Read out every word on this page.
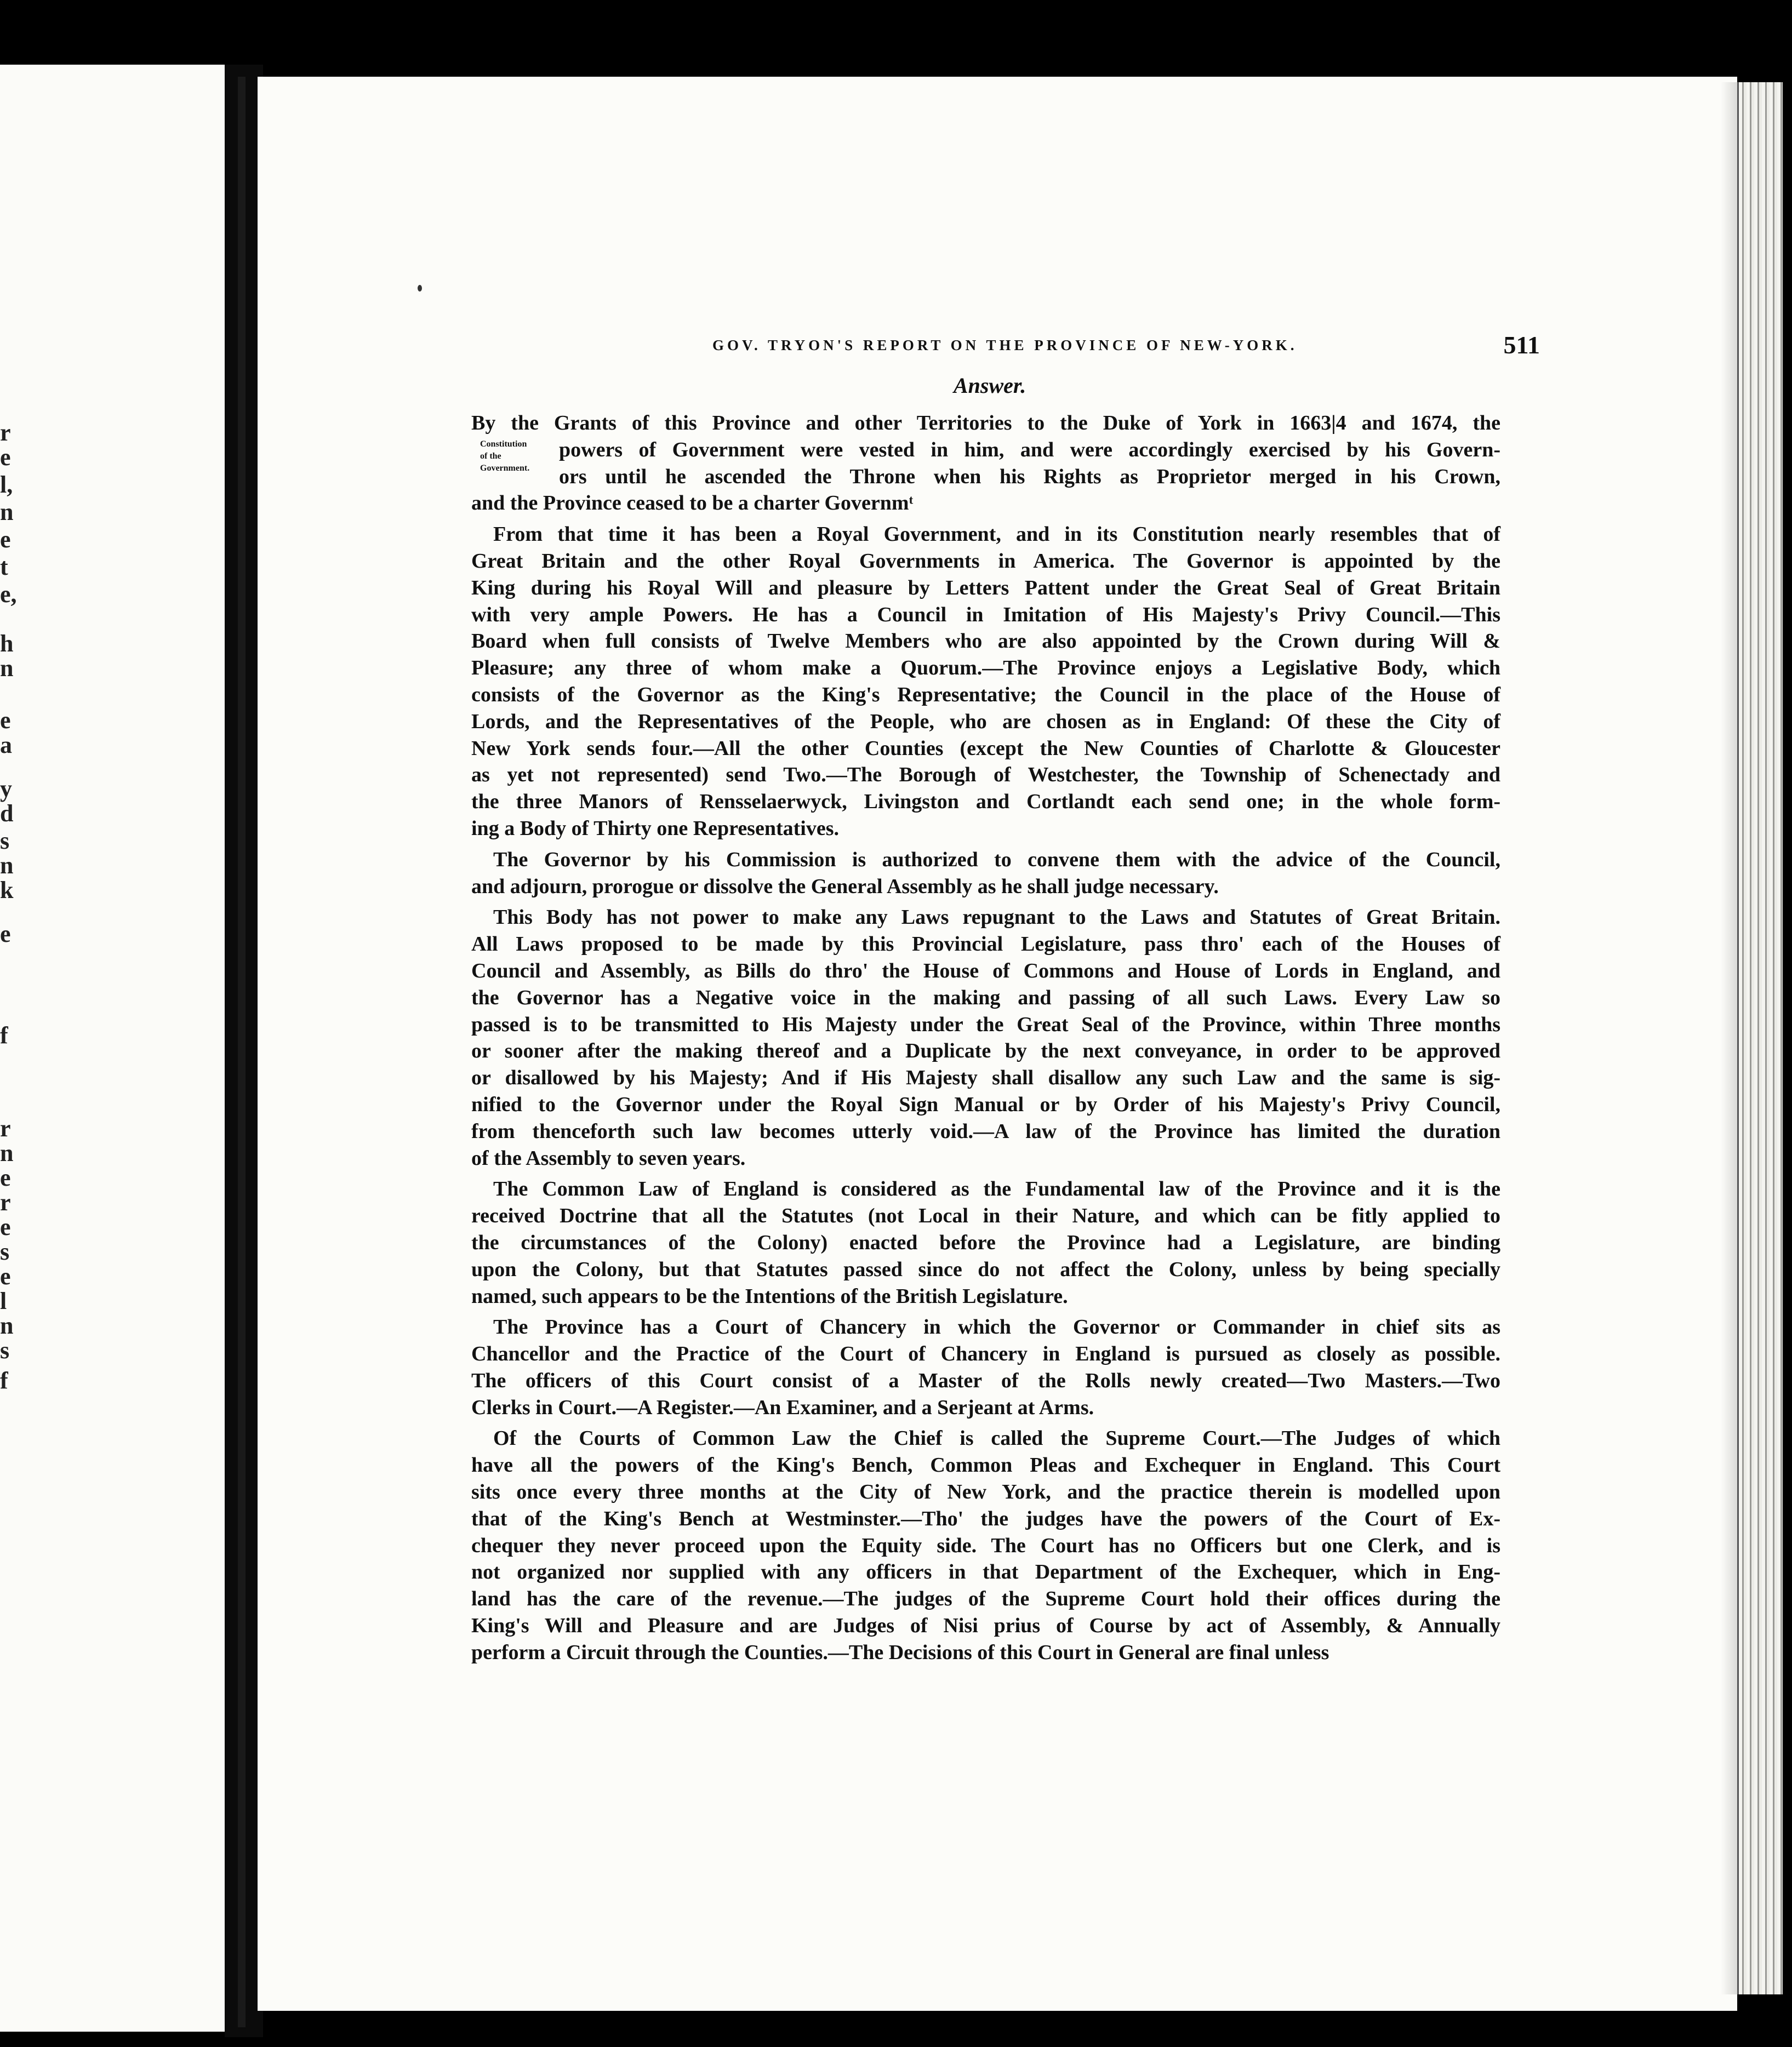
r
e
l,
n
e
t
e,
h
n
e
a
y
d
s
n
k
e
f
r
n
e
r
e
s
e
l
n
s
f
GOV. TRYON'S REPORT ON THE PROVINCE OF NEW-YORK.	511
Answer.
Constitution
of the
Government.

By the Grants of this Province and other Territories to the Duke of York in 1663|4 and 1674, the
powers of Government were vested in him, and were accordingly exercised by his Govern-
ors until he ascended the Throne when his Rights as Proprietor merged in his Crown,
and the Province ceased to be a charter Governmᵗ

From that time it has been a Royal Government, and in its Constitution nearly resembles that of
Great Britain and the other Royal Governments in America. The Governor is appointed by the
King during his Royal Will and pleasure by Letters Pattent under the Great Seal of Great Britain
with very ample Powers. He has a Council in Imitation of His Majesty's Privy Council.—This
Board when full consists of Twelve Members who are also appointed by the Crown during Will &
Pleasure; any three of whom make a Quorum.—The Province enjoys a Legislative Body, which
consists of the Governor as the King's Representative; the Council in the place of the House of
Lords, and the Representatives of the People, who are chosen as in England: Of these the City of
New York sends four.—All the other Counties (except the New Counties of Charlotte & Gloucester
as yet not represented) send Two.—The Borough of Westchester, the Township of Schenectady and
the three Manors of Rensselaerwyck, Livingston and Cortlandt each send one; in the whole form-
ing a Body of Thirty one Representatives.

The Governor by his Commission is authorized to convene them with the advice of the Council,
and adjourn, prorogue or dissolve the General Assembly as he shall judge necessary.

This Body has not power to make any Laws repugnant to the Laws and Statutes of Great Britain.
All Laws proposed to be made by this Provincial Legislature, pass thro' each of the Houses of
Council and Assembly, as Bills do thro' the House of Commons and House of Lords in England, and
the Governor has a Negative voice in the making and passing of all such Laws. Every Law so
passed is to be transmitted to His Majesty under the Great Seal of the Province, within Three months
or sooner after the making thereof and a Duplicate by the next conveyance, in order to be approved
or disallowed by his Majesty; And if His Majesty shall disallow any such Law and the same is sig-
nified to the Governor under the Royal Sign Manual or by Order of his Majesty's Privy Council,
from thenceforth such law becomes utterly void.—A law of the Province has limited the duration
of the Assembly to seven years.

The Common Law of England is considered as the Fundamental law of the Province and it is the
received Doctrine that all the Statutes (not Local in their Nature, and which can be fitly applied to
the circumstances of the Colony) enacted before the Province had a Legislature, are binding
upon the Colony, but that Statutes passed since do not affect the Colony, unless by being specially
named, such appears to be the Intentions of the British Legislature.

The Province has a Court of Chancery in which the Governor or Commander in chief sits as
Chancellor and the Practice of the Court of Chancery in England is pursued as closely as possible.
The officers of this Court consist of a Master of the Rolls newly created—Two Masters.—Two
Clerks in Court.—A Register.—An Examiner, and a Serjeant at Arms.

Of the Courts of Common Law the Chief is called the Supreme Court.—The Judges of which
have all the powers of the King's Bench, Common Pleas and Exchequer in England. This Court
sits once every three months at the City of New York, and the practice therein is modelled upon
that of the King's Bench at Westminster.—Tho' the judges have the powers of the Court of Ex-
chequer they never proceed upon the Equity side. The Court has no Officers but one Clerk, and is
not organized nor supplied with any officers in that Department of the Exchequer, which in Eng-
land has the care of the revenue.—The judges of the Supreme Court hold their offices during the
King's Will and Pleasure and are Judges of Nisi prius of Course by act of Assembly, & Annually
perform a Circuit through the Counties.—The Decisions of this Court in General are final unless
